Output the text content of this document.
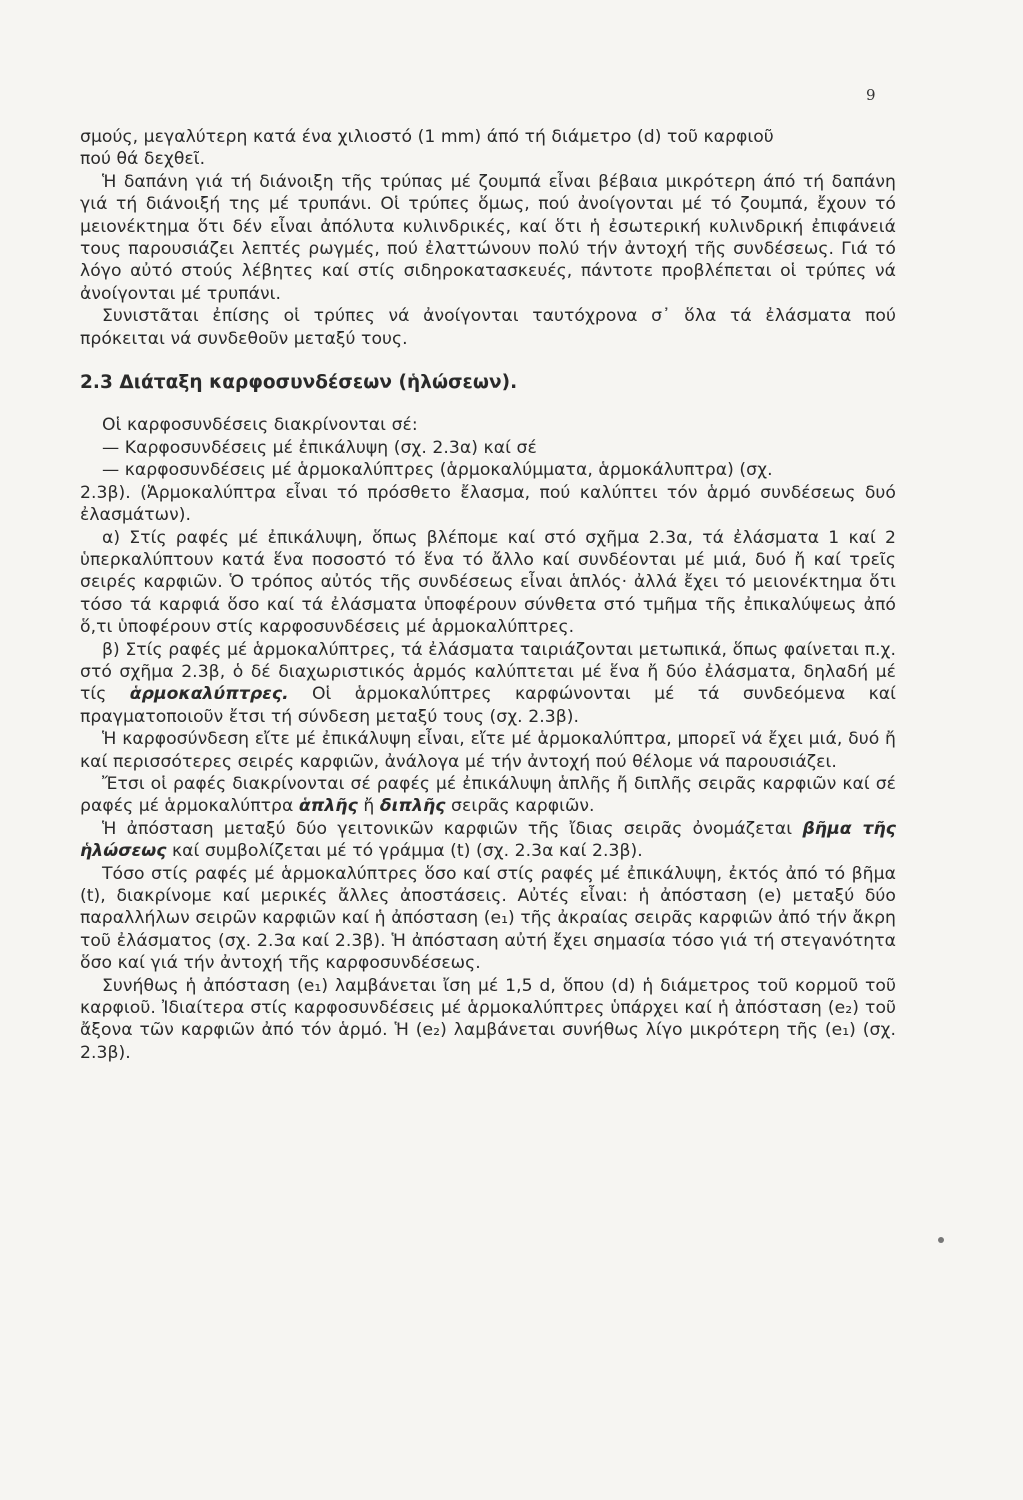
9

σμούς, μεγαλύτερη κατά ένα χιλιοστό (1 mm) άπό τή διάμετρο (d) τοῦ καρφιοῦ
πού θά δεχθεῖ.

Ἡ δαπάνη γιά τή διάνοιξη τῆς τρύπας μέ ζουμπά εἶναι βέβαια μικρότερη άπό τή δαπάνη γιά τή διάνοιξή της μέ τρυπάνι. Οἱ τρύπες ὅμως, πού ἀνοίγονται μέ τό ζουμπά, ἔχουν τό μειονέκτημα ὅτι δέν εἶναι ἀπόλυτα κυλινδρικές, καί ὅτι ἡ ἐσωτερική κυλινδρική ἐπιφάνειά τους παρουσιάζει λεπτές ρωγμές, πού ἐλαττώνουν πολύ τήν ἀντοχή τῆς συνδέσεως. Γιά τό λόγο αὐτό στούς λέβητες καί στίς σιδηροκατασκευές, πάντοτε προβλέπεται οἱ τρύπες νά ἀνοίγονται μέ τρυπάνι.

Συνιστᾶται ἐπίσης οἱ τρύπες νά ἀνοίγονται ταυτόχρονα σ᾽ ὅλα τά ἐλάσματα πού πρόκειται νά συνδεθοῦν μεταξύ τους.

2.3 Διάταξη καρφοσυνδέσεων (ἡλώσεων).

Οἱ καρφοσυνδέσεις διακρίνονται σέ:

— Καρφοσυνδέσεις μέ ἐπικάλυψη (σχ. 2.3α) καί σέ

— καρφοσυνδέσεις μέ ἁρμοκαλύπτρες (ἁρμοκαλύμματα, ἁρμοκάλυπτρα) (σχ.
2.3β). (Ἁρμοκαλύπτρα εἶναι τό πρόσθετο ἔλασμα, πού καλύπτει τόν ἁρμό συνδέσεως δυό ἐλασμάτων).

α) Στίς ραφές μέ ἐπικάλυψη, ὅπως βλέπομε καί στό σχῆμα 2.3α, τά ἐλάσματα 1 καί 2 ὑπερκαλύπτουν κατά ἕνα ποσοστό τό ἕνα τό ἄλλο καί συνδέονται μέ μιά, δυό ἤ καί τρεῖς σειρές καρφιῶν. Ὁ τρόπος αὐτός τῆς συνδέσεως εἶναι ἁπλός· ἀλλά ἔχει τό μειονέκτημα ὅτι τόσο τά καρφιά ὅσο καί τά ἐλάσματα ὑποφέρουν σύνθετα στό τμῆμα τῆς ἐπικαλύψεως ἀπό ὅ,τι ὑποφέρουν στίς καρφοσυνδέσεις μέ ἁρμοκαλύπτρες.

β) Στίς ραφές μέ ἁρμοκαλύπτρες, τά ἐλάσματα ταιριάζονται μετωπικά, ὅπως φαίνεται π.χ. στό σχῆμα 2.3β, ὁ δέ διαχωριστικός ἁρμός καλύπτεται μέ ἕνα ἤ δύο ἐλάσματα, δηλαδή μέ τίς ἁρμοκαλύπτρες. Οἱ ἁρμοκαλύπτρες καρφώνονται μέ τά συνδεόμενα καί πραγματοποιοῦν ἔτσι τή σύνδεση μεταξύ τους (σχ. 2.3β).

Ἡ καρφοσύνδεση εἴτε μέ ἐπικάλυψη εἶναι, εἴτε μέ ἁρμοκαλύπτρα, μπορεῖ νά ἔχει μιά, δυό ἤ καί περισσότερες σειρές καρφιῶν, ἀνάλογα μέ τήν ἀντοχή πού θέλομε νά παρουσιάζει.

Ἔτσι οἱ ραφές διακρίνονται σέ ραφές μέ ἐπικάλυψη ἁπλῆς ἤ διπλῆς σειρᾶς καρφιῶν καί σέ ραφές μέ ἁρμοκαλύπτρα ἁπλῆς ἤ διπλῆς σειρᾶς καρφιῶν.

Ἡ ἀπόσταση μεταξύ δύο γειτονικῶν καρφιῶν τῆς ἴδιας σειρᾶς ὀνομάζεται βῆμα τῆς ἡλώσεως καί συμβολίζεται μέ τό γράμμα (t) (σχ. 2.3α καί 2.3β).

Τόσο στίς ραφές μέ ἁρμοκαλύπτρες ὅσο καί στίς ραφές μέ ἐπικάλυψη, ἐκτός ἀπό τό βῆμα (t), διακρίνομε καί μερικές ἄλλες ἀποστάσεις. Αὐτές εἶναι: ἡ ἀπόσταση (e) μεταξύ δύο παραλλήλων σειρῶν καρφιῶν καί ἡ ἀπόσταση (e₁) τῆς ἀκραίας σειρᾶς καρφιῶν ἀπό τήν ἄκρη τοῦ ἐλάσματος (σχ. 2.3α καί 2.3β). Ἡ ἀπόσταση αὐτή ἔχει σημασία τόσο γιά τή στεγανότητα ὅσο καί γιά τήν ἀντοχή τῆς καρφοσυνδέσεως.

Συνήθως ἡ ἀπόσταση (e₁) λαμβάνεται ἴση μέ 1,5 d, ὅπου (d) ἡ διάμετρος τοῦ κορμοῦ τοῦ καρφιοῦ. Ἰδιαίτερα στίς καρφοσυνδέσεις μέ ἁρμοκαλύπτρες ὑπάρχει καί ἡ ἀπόσταση (e₂) τοῦ ἄξονα τῶν καρφιῶν ἀπό τόν ἁρμό. Ἡ (e₂) λαμβάνεται συνήθως λίγο μικρότερη τῆς (e₁) (σχ. 2.3β).
